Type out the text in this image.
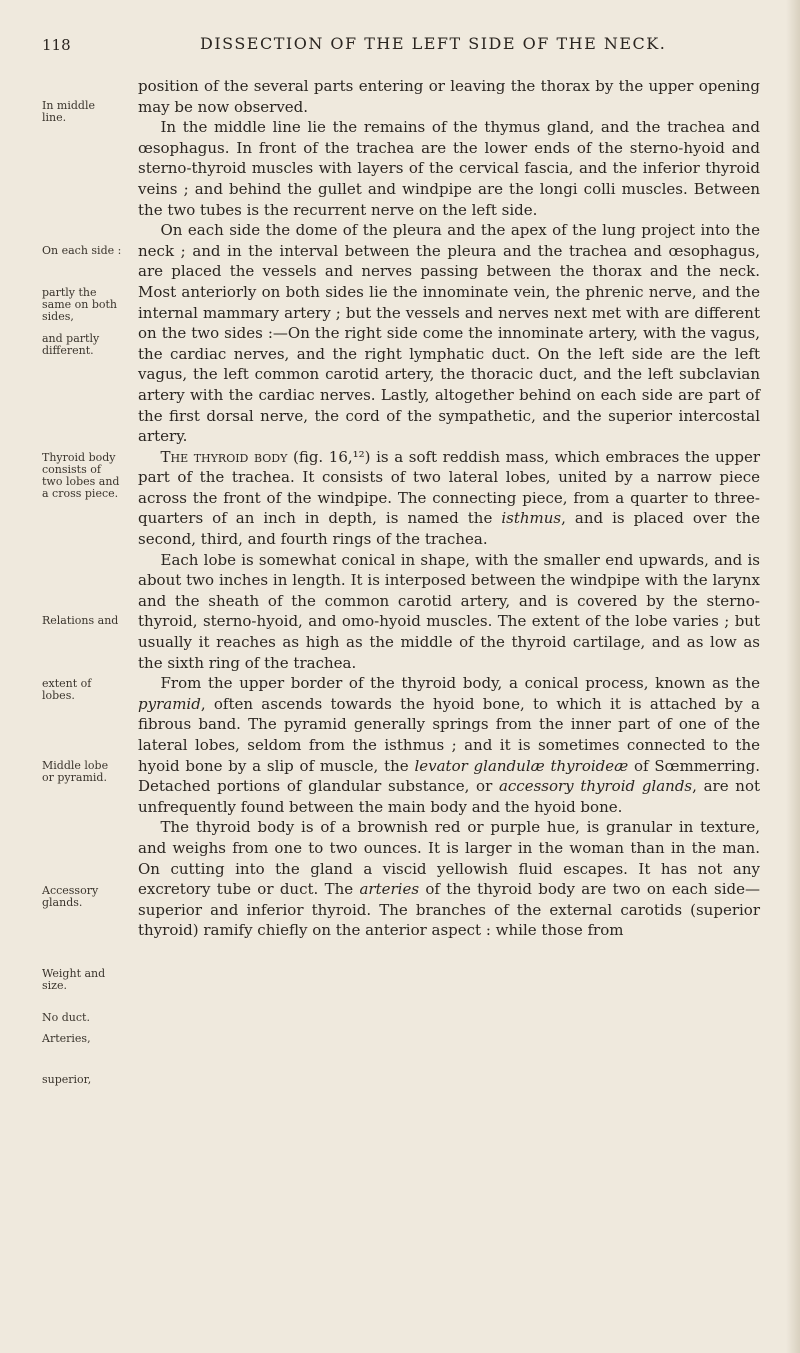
118	DISSECTION OF THE LEFT SIDE OF THE NECK.
In middle line.
On each side :
partly the same on both sides,
and partly different.
Thyroid body consists of two lobes and a cross piece.
Relations and
extent of lobes.
Middle lobe or pyramid.
Accessory glands.
Weight and size.
No duct.
Arteries,
superior,

position of the several parts entering or leaving the thorax by the upper opening may be now observed.

In the middle line lie the remains of the thymus gland, and the trachea and œsophagus. In front of the trachea are the lower ends of the sterno-hyoid and sterno-thyroid muscles with layers of the cervical fascia, and the inferior thyroid veins ; and behind the gullet and windpipe are the longi colli muscles. Between the two tubes is the recurrent nerve on the left side.

On each side the dome of the pleura and the apex of the lung project into the neck ; and in the interval between the pleura and the trachea and œsophagus, are placed the vessels and nerves passing between the thorax and the neck. Most anteriorly on both sides lie the innominate vein, the phrenic nerve, and the internal mammary artery ; but the vessels and nerves next met with are different on the two sides :—On the right side come the innominate artery, with the vagus, the cardiac nerves, and the right lymphatic duct. On the left side are the left vagus, the left common carotid artery, the thoracic duct, and the left subclavian artery with the cardiac nerves. Lastly, altogether behind on each side are part of the first dorsal nerve, the cord of the sympathetic, and the superior intercostal artery.

The thyroid body (fig. 16,¹²) is a soft reddish mass, which embraces the upper part of the trachea. It consists of two lateral lobes, united by a narrow piece across the front of the windpipe. The connecting piece, from a quarter to three-quarters of an inch in depth, is named the isthmus, and is placed over the second, third, and fourth rings of the trachea.

Each lobe is somewhat conical in shape, with the smaller end upwards, and is about two inches in length. It is interposed between the windpipe with the larynx and the sheath of the common carotid artery, and is covered by the sterno-thyroid, sterno-hyoid, and omo-hyoid muscles. The extent of the lobe varies ; but usually it reaches as high as the middle of the thyroid cartilage, and as low as the sixth ring of the trachea.

From the upper border of the thyroid body, a conical process, known as the pyramid, often ascends towards the hyoid bone, to which it is attached by a fibrous band. The pyramid generally springs from the inner part of one of the lateral lobes, seldom from the isthmus ; and it is sometimes connected to the hyoid bone by a slip of muscle, the levator glandulæ thyroideæ of Sœmmerring. Detached portions of glandular substance, or accessory thyroid glands, are not unfrequently found between the main body and the hyoid bone.

The thyroid body is of a brownish red or purple hue, is granular in texture, and weighs from one to two ounces. It is larger in the woman than in the man. On cutting into the gland a viscid yellowish fluid escapes. It has not any excretory tube or duct. The arteries of the thyroid body are two on each side—superior and inferior thyroid. The branches of the external carotids (superior thyroid) ramify chiefly on the anterior aspect : while those from
